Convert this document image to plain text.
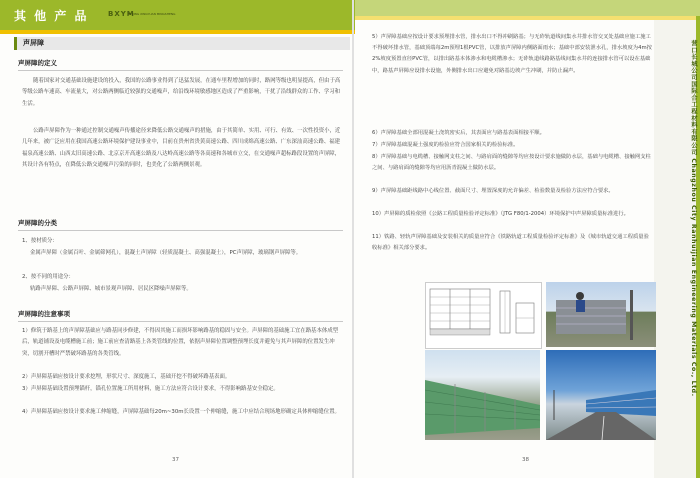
其 他 产 品	BXYM
BEIJING XINGYUAN MINGSHENG
营口长城公司国际合工程材料有限公司 Changzhou City Ranhuijian Engineering Materials Co., Ltd.
声屏障
声屏障的定义
随着国家对交通基础设施建设的投入，我国的公路事业得到了迅猛发展，在通车里程增加的同时，路网等级也明显提高，但由于高等级公路车速高、车流量大，对公路两侧临近较强的交通噪声，给沿线环境敏感地区造成了严重影响，干扰了沿线群众的工作、学习和生活。
公路声屏障作为一种通过控制交通噪声传播途径来降低公路交通噪声的措施，由于其简单、实用、可行、有效、一次性投资小，近几年来，被广泛应用在我国高速公路环境保护建设事业中，目前在贵州省贵黄高速公路、四川成绵高速公路、广东深汕高速公路、福建福泉高速公路、山西太旧高速公路、北京京开高速公路及八达岭高速公路等各高速和各城市立交，在交通噪声超标路段设置的声屏障，其设计各有特点，在降低公路交通噪声污染的同时，也美化了公路两侧景观。
声屏障的分类
1、按材质分：
金属声屏障（金属百叶、金属筛网孔），混凝土声屏障（轻质混凝土、高强混凝土），PC声屏障，玻璃钢声屏障等。
2、按不同的用途分：
轨路声屏障、公路声屏障、城市景观声屏障、居民区降噪声屏障等。
声屏障的注意事项
1）修筑于路基上的声屏障基础应与路基同步修建，不得因其施工而损坏影响路基的稳固与安全。声屏障的基础施工宜在路基本体成型后，轨道铺设及电缆槽施工前；施工前应查清路基上各类管线的位置，依据声屏障位置调整预埋长度并避免与其声屏障的位置发生冲突，切割开槽时严禁破坏路基的各类管线。
2）声屏障基础应按设计要求挖埋，形状尺寸、深度施工，基础开挖不得破坏路基表面。
3）声屏障基础设置预埋锚杆，锚孔位置施工所用材料，施工方法应符合设计要求，不得影响路基安全稳定。
4）声屏障基础应按设计要求施工伸缩缝，声屏障基础每20m~30m长设置一个伸缩缝，施工中应结合现场地形确定具体伸缩缝位置。
37
5）声屏障基础应按设计要求预埋排水管，排水出口不得冲刷路基；与无砟轨道线间集水井排水管交叉处基础应施工施工不得破坏排水管，基础顶端每2m预埋1根PVC管，以排放声屏障内侧路面雨水；基础中部安装泄水孔，排水坡度为4m按2%坡度预置直径PVC管，以排出路基本体渗水和电缆槽渗水；无砟轨道线路路基线间集水井的连接排水管可以设在基础中，路基声屏障应设排水设施，外侧排水出口应避免对路基边坡产生冲刷，并防止漏声。
6）声屏障基础全部用混凝土浇筑密实后，其表面应与路基表面相接平顺。
7）声屏障基础混凝土强度的检验应符合国家相关的检验标准。
8）声屏障基础与电缆槽、接触网支柱之间、与路肩面的缝隙等均应按设计要求施做防水层，基础与电缆槽、接触网支柱之间、与路肩面的缝隙等均应用沥青混凝土做防水层。
9）声屏障基础距线路中心线位置、截面尺寸、埋置深度的允许偏差、检验数量及检验方法应符合要求。
10）声屏障的质检依照《公路工程质量检验评定标准》（JTG F80/1-2004）环境保护中声屏障质量标准进行。
11）铁路、轻轨声屏障基础及安装相关的质量应符合《铁路轨道工程质量检验评定标准》及《城市轨道交通工程质量验收标准》相关部分要求。
38
